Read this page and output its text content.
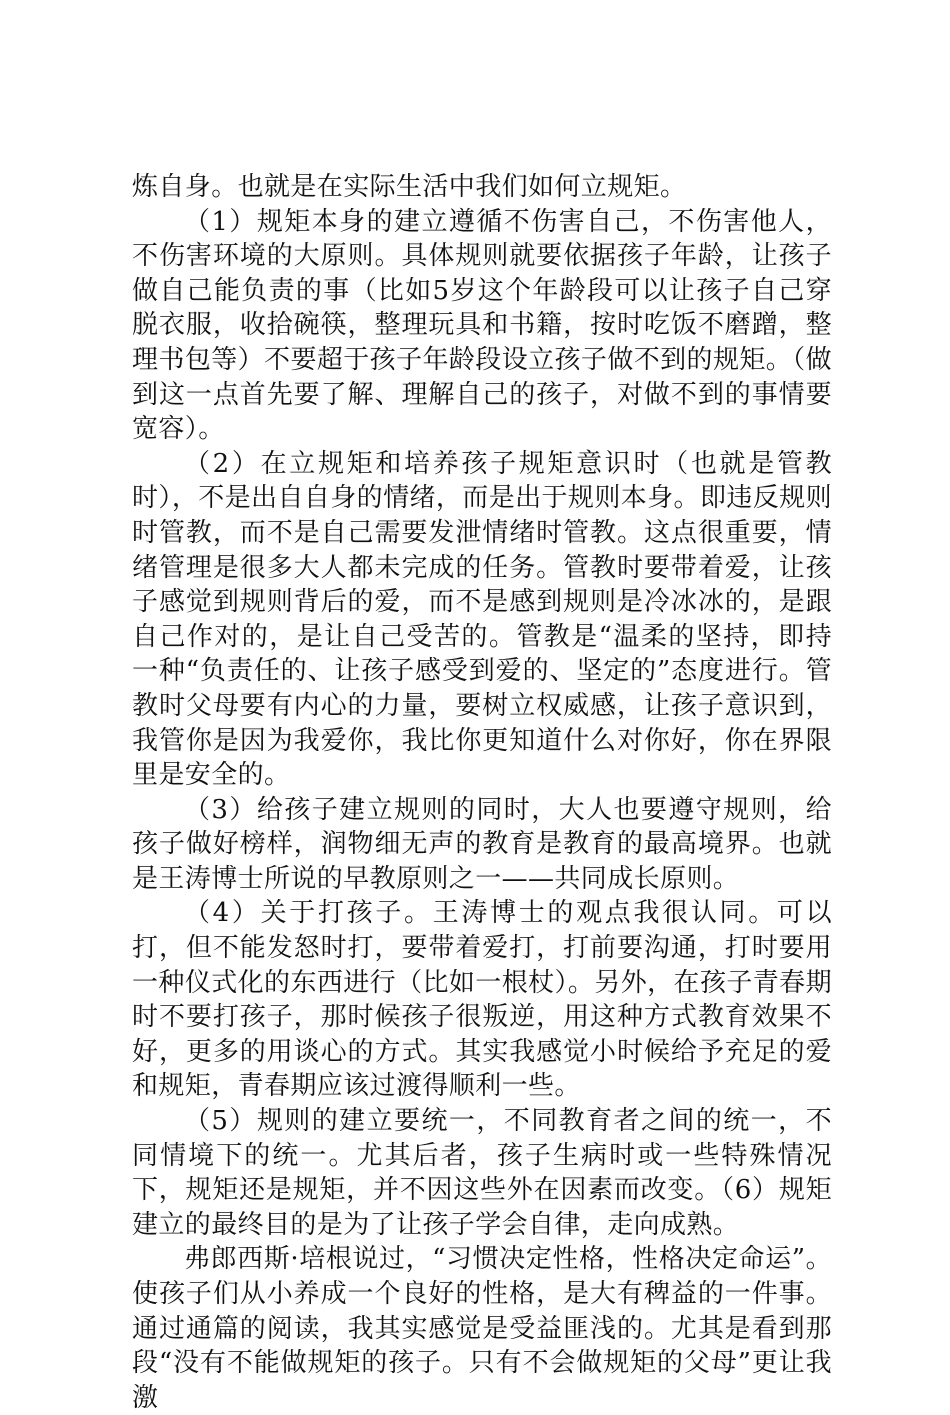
炼自身。也就是在实际生活中我们如何立规矩。

（1）规矩本身的建立遵循不伤害自己，不伤害他人，不伤害环境的大原则。具体规则就要依据孩子年龄，让孩子做自己能负责的事（比如5岁这个年龄段可以让孩子自己穿脱衣服，收拾碗筷，整理玩具和书籍，按时吃饭不磨蹭，整理书包等）不要超于孩子年龄段设立孩子做不到的规矩。（做到这一点首先要了解、理解自己的孩子，对做不到的事情要宽容）。

（2）在立规矩和培养孩子规矩意识时（也就是管教时），不是出自自身的情绪，而是出于规则本身。即违反规则时管教，而不是自己需要发泄情绪时管教。这点很重要，情绪管理是很多大人都未完成的任务。管教时要带着爱，让孩子感觉到规则背后的爱，而不是感到规则是冷冰冰的，是跟自己作对的，是让自己受苦的。管教是“温柔的坚持，即持一种“负责任的、让孩子感受到爱的、坚定的”态度进行。管教时父母要有内心的力量，要树立权威感，让孩子意识到，我管你是因为我爱你，我比你更知道什么对你好，你在界限里是安全的。

（3）给孩子建立规则的同时，大人也要遵守规则，给孩子做好榜样，润物细无声的教育是教育的最高境界。也就是王涛博士所说的早教原则之一——共同成长原则。

（4）关于打孩子。王涛博士的观点我很认同。可以打，但不能发怒时打，要带着爱打，打前要沟通，打时要用一种仪式化的东西进行（比如一根杖）。另外，在孩子青春期时不要打孩子，那时候孩子很叛逆，用这种方式教育效果不好，更多的用谈心的方式。其实我感觉小时候给予充足的爱和规矩，青春期应该过渡得顺利一些。

（5）规则的建立要统一，不同教育者之间的统一，不同情境下的统一。尤其后者，孩子生病时或一些特殊情况下，规矩还是规矩，并不因这些外在因素而改变。（6）规矩建立的最终目的是为了让孩子学会自律，走向成熟。

弗郎西斯·培根说过，“习惯决定性格，性格决定命运”。使孩子们从小养成一个良好的性格，是大有稗益的一件事。通过通篇的阅读，我其实感觉是受益匪浅的。尤其是看到那段“没有不能做规矩的孩子。只有不会做规矩的父母”更让我激
